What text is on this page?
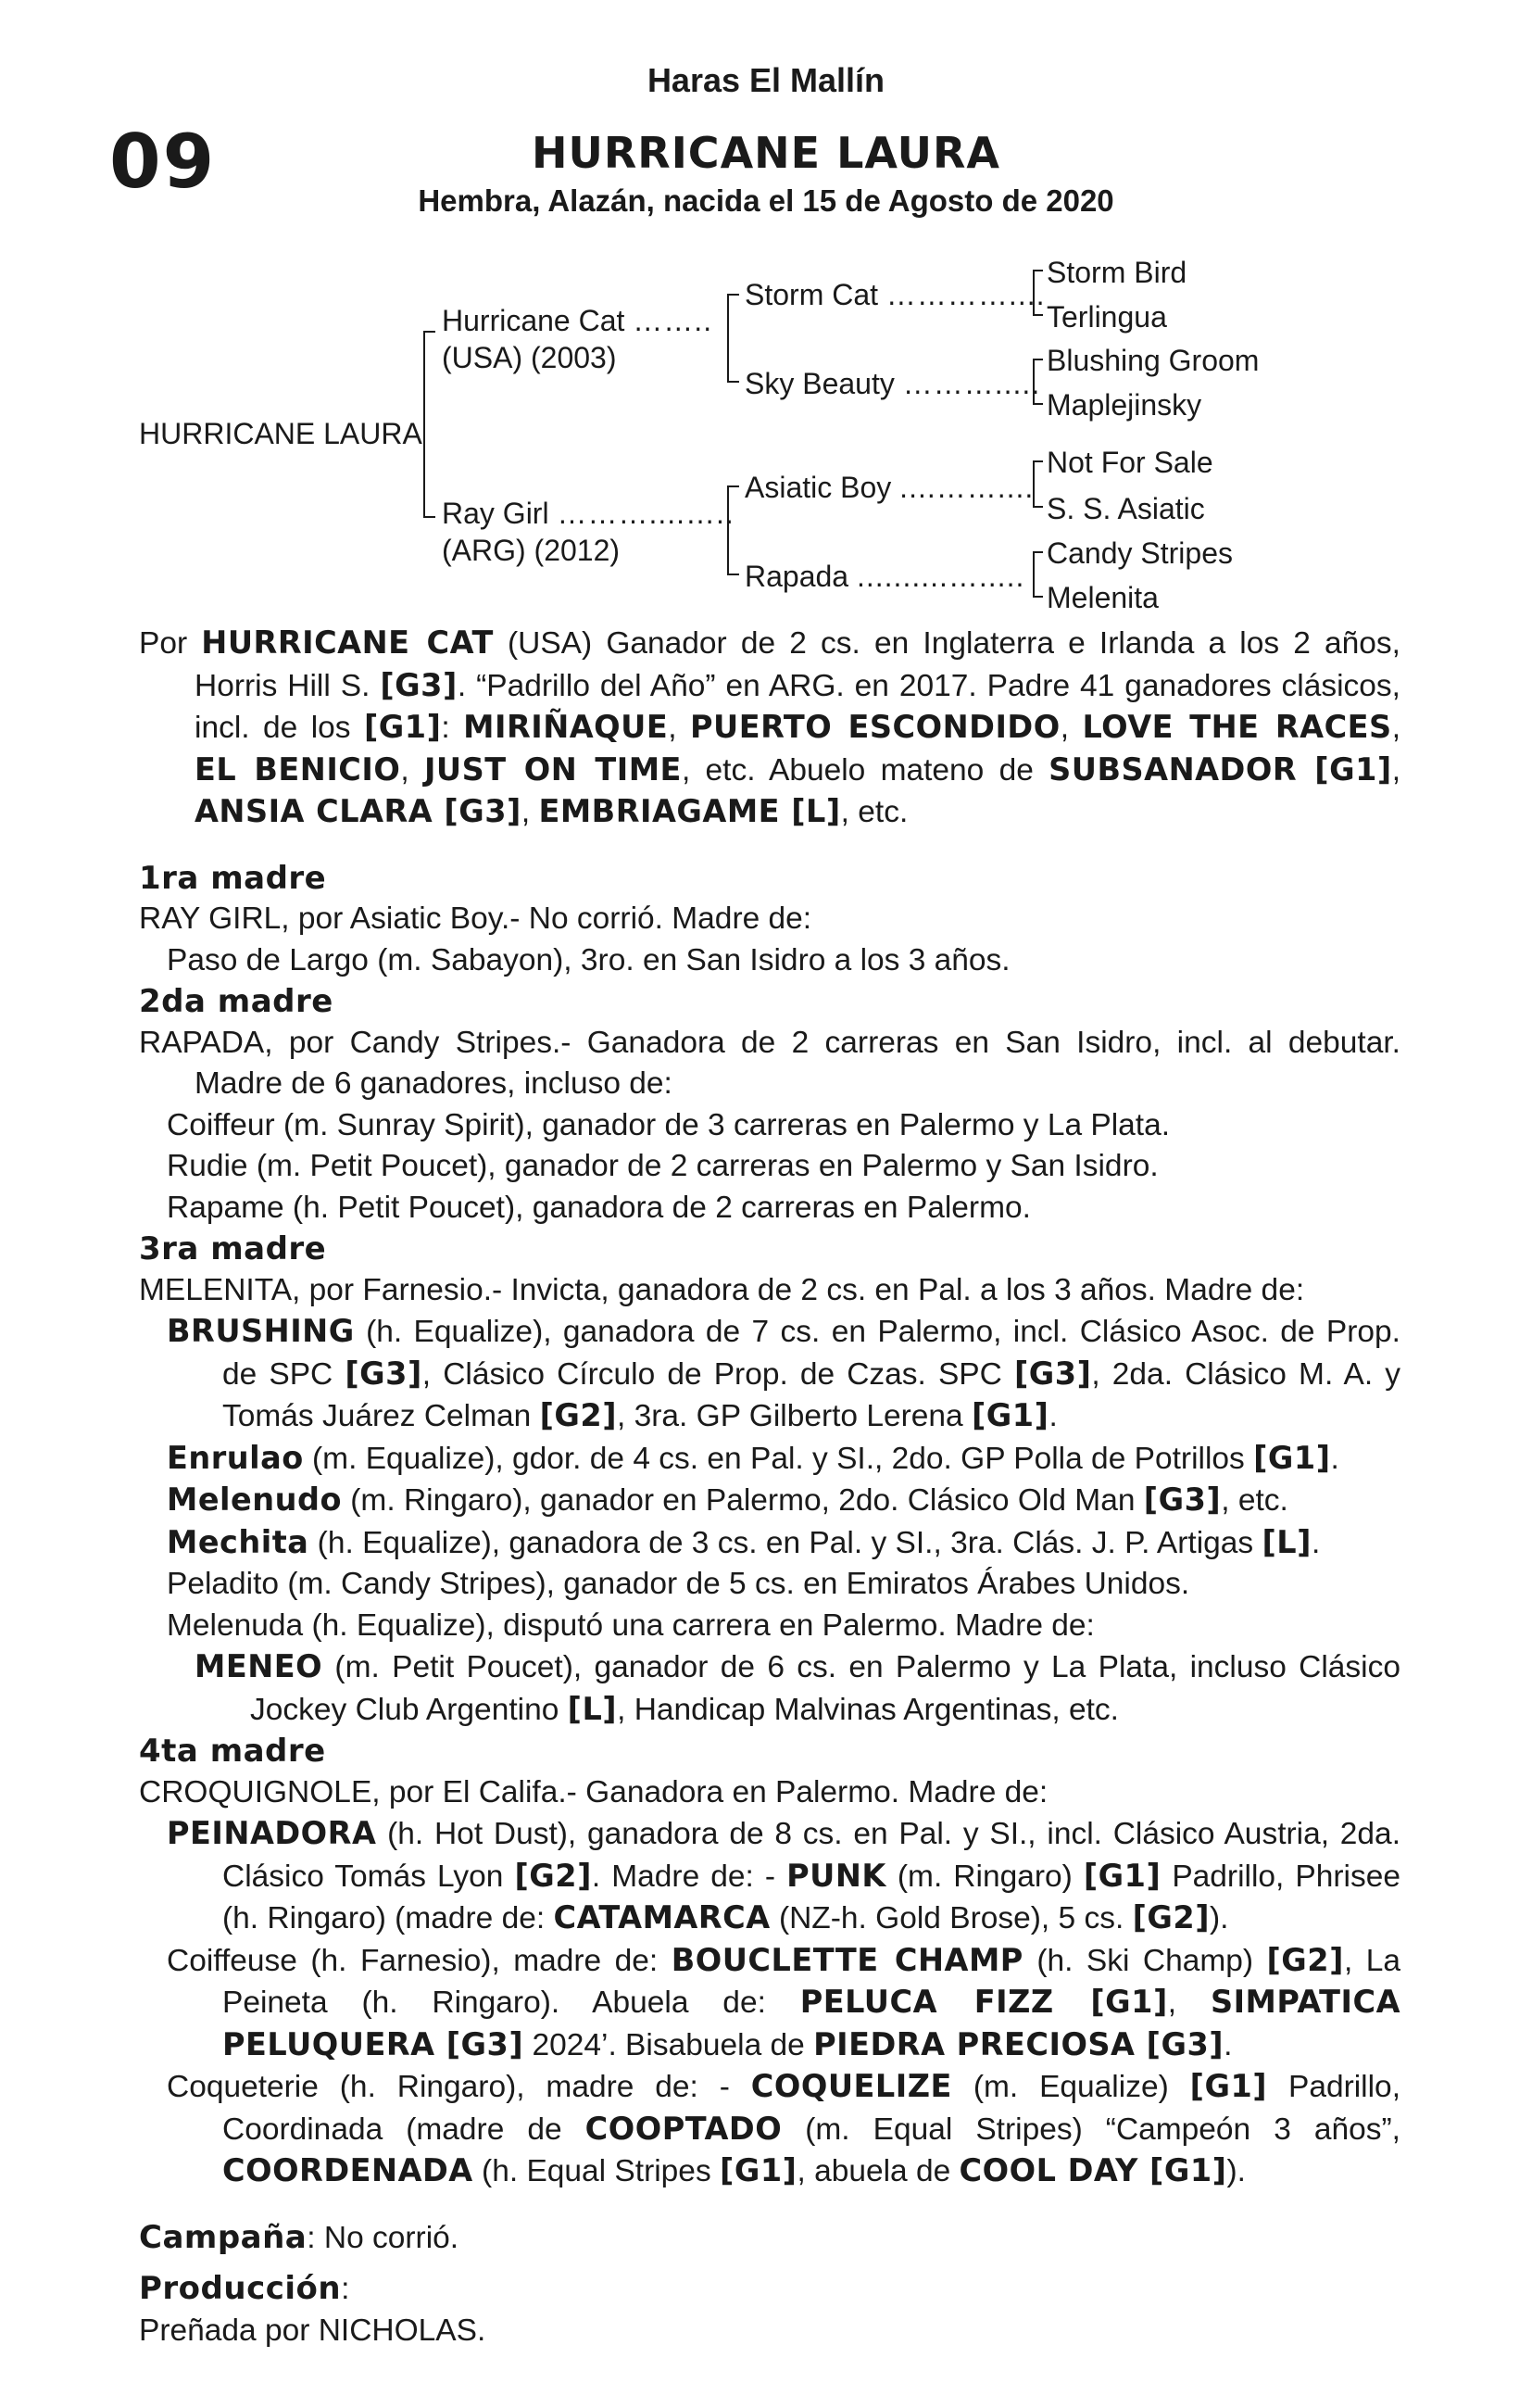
Haras El Mallín
09	HURRICANE LAURA
Hembra, Alazán, nacida el 15 de Agosto de 2020
HURRICANE LAURA
Hurricane Cat ……..
(USA) (2003)
Ray Girl ………....…..
(ARG) (2012)
Storm Cat …………....
Sky Beauty ……….....
Asiatic Boy ....……....
Rapada ..........….....
Storm Bird
Terlingua
Blushing Groom
Maplejinsky
Not For Sale
S. S. Asiatic
Candy Stripes
Melenita
Por HURRICANE CAT (USA) Ganador de 2 cs. en Inglaterra e Irlanda a los 2 años, Horris Hill S. [G3]. “Padrillo del Año” en ARG. en 2017. Padre 41 ganadores clásicos, incl. de los [G1]: MIRIÑAQUE, PUERTO ESCONDIDO, LOVE THE RACES, EL BENICIO, JUST ON TIME, etc. Abuelo mateno de SUBSANADOR [G1], ANSIA CLARA [G3], EMBRIAGAME [L], etc.
1ra madre
RAY GIRL, por Asiatic Boy.- No corrió. Madre de:
Paso de Largo (m. Sabayon), 3ro. en San Isidro a los 3 años.
2da madre
RAPADA, por Candy Stripes.- Ganadora de 2 carreras en San Isidro, incl. al debutar. Madre de 6 ganadores, incluso de:
Coiffeur (m. Sunray Spirit), ganador de 3 carreras en Palermo y La Plata.
Rudie (m. Petit Poucet), ganador de 2 carreras en Palermo y San Isidro.
Rapame (h. Petit Poucet), ganadora de 2 carreras en Palermo.
3ra madre
MELENITA, por Farnesio.- Invicta, ganadora de 2 cs. en Pal. a los 3 años. Madre de:
BRUSHING (h. Equalize), ganadora de 7 cs. en Palermo, incl. Clásico Asoc. de Prop. de SPC [G3], Clásico Círculo de Prop. de Czas. SPC [G3], 2da. Clásico M. A. y Tomás Juárez Celman [G2], 3ra. GP Gilberto Lerena [G1].
Enrulao (m. Equalize), gdor. de 4 cs. en Pal. y SI., 2do. GP Polla de Potrillos [G1].
Melenudo (m. Ringaro), ganador en Palermo, 2do. Clásico Old Man [G3], etc.
Mechita (h. Equalize), ganadora de 3 cs. en Pal. y SI., 3ra. Clás. J. P. Artigas [L].
Peladito (m. Candy Stripes), ganador de 5 cs. en Emiratos Árabes Unidos.
Melenuda (h. Equalize), disputó una carrera en Palermo. Madre de:
MENEO (m. Petit Poucet), ganador de 6 cs. en Palermo y La Plata, incluso Clásico Jockey Club Argentino [L], Handicap Malvinas Argentinas, etc.
4ta madre
CROQUIGNOLE, por El Califa.- Ganadora en Palermo. Madre de:
PEINADORA (h. Hot Dust), ganadora de 8 cs. en Pal. y SI., incl. Clásico Austria, 2da. Clásico Tomás Lyon [G2]. Madre de: - PUNK (m. Ringaro) [G1] Padrillo, Phrisee (h. Ringaro) (madre de: CATAMARCA (NZ-h. Gold Brose), 5 cs. [G2]).
Coiffeuse (h. Farnesio), madre de: BOUCLETTE CHAMP (h. Ski Champ) [G2], La Peineta (h. Ringaro). Abuela de: PELUCA FIZZ [G1], SIMPATICA PELUQUERA [G3] 2024’. Bisabuela de PIEDRA PRECIOSA [G3].
Coqueterie (h. Ringaro), madre de: - COQUELIZE (m. Equalize) [G1] Padrillo, Coordinada (madre de COOPTADO (m. Equal Stripes) “Campeón 3 años”, COORDENADA (h. Equal Stripes [G1], abuela de COOL DAY [G1]).
Campaña: No corrió.
Producción:
Preñada por NICHOLAS.
